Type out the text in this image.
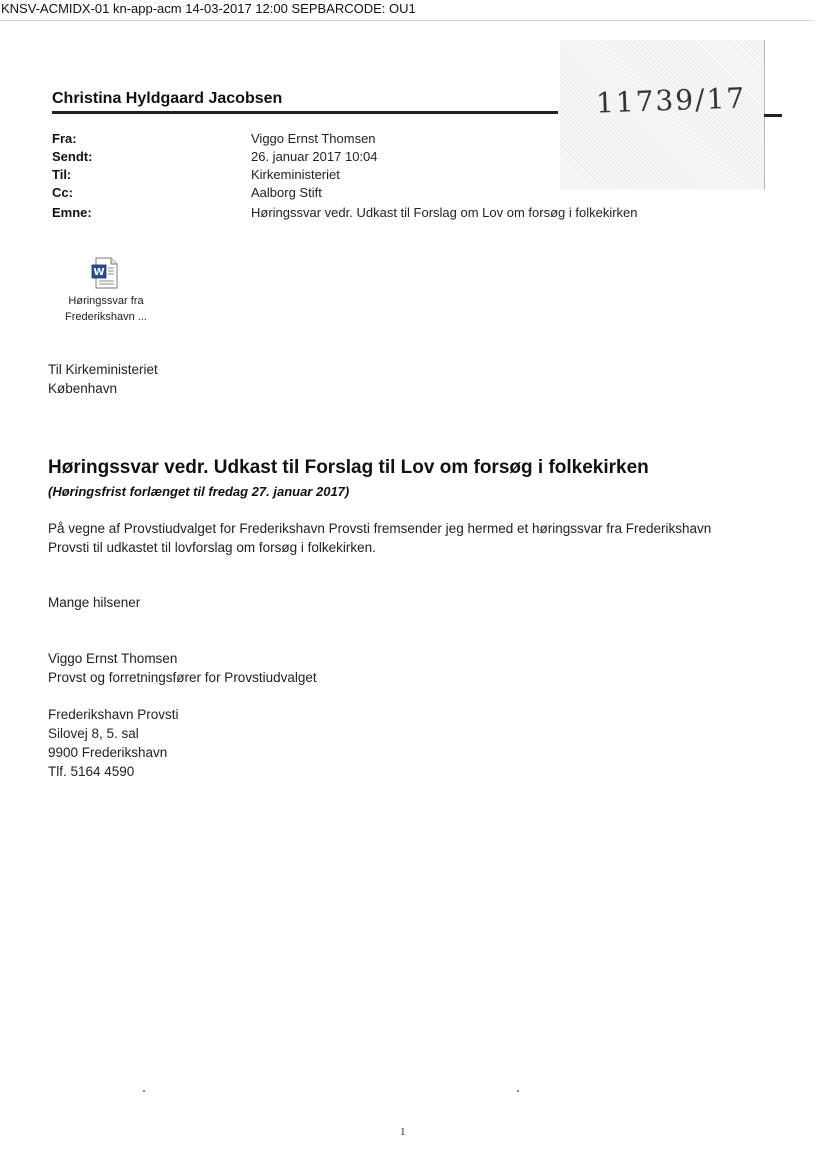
KNSV-ACMIDX-01 kn-app-acm 14-03-2017 12:00 SEPBARCODE: OU1
11739/17
Christina Hyldgaard Jacobsen
Fra:	Viggo Ernst Thomsen
Sendt:	26. januar 2017 10:04
Til:	Kirkeministeriet
Cc:	Aalborg Stift
Emne:	Høringssvar vedr. Udkast til Forslag om Lov om forsøg i folkekirken
W
Høringssvar fra
Frederikshavn ...
Til Kirkeministeriet
København
Høringssvar vedr. Udkast til Forslag til Lov om forsøg i folkekirken
(Høringsfrist forlænget til fredag 27. januar 2017)
På vegne af Provstiudvalget for Frederikshavn Provsti fremsender jeg hermed et høringssvar fra Frederikshavn
Provsti til udkastet til lovforslag om forsøg i folkekirken.
Mange hilsener
Viggo Ernst Thomsen
Provst og forretningsfører for Provstiudvalget
Frederikshavn Provsti
Silovej 8, 5. sal
9900 Frederikshavn
Tlf. 5164 4590
1
